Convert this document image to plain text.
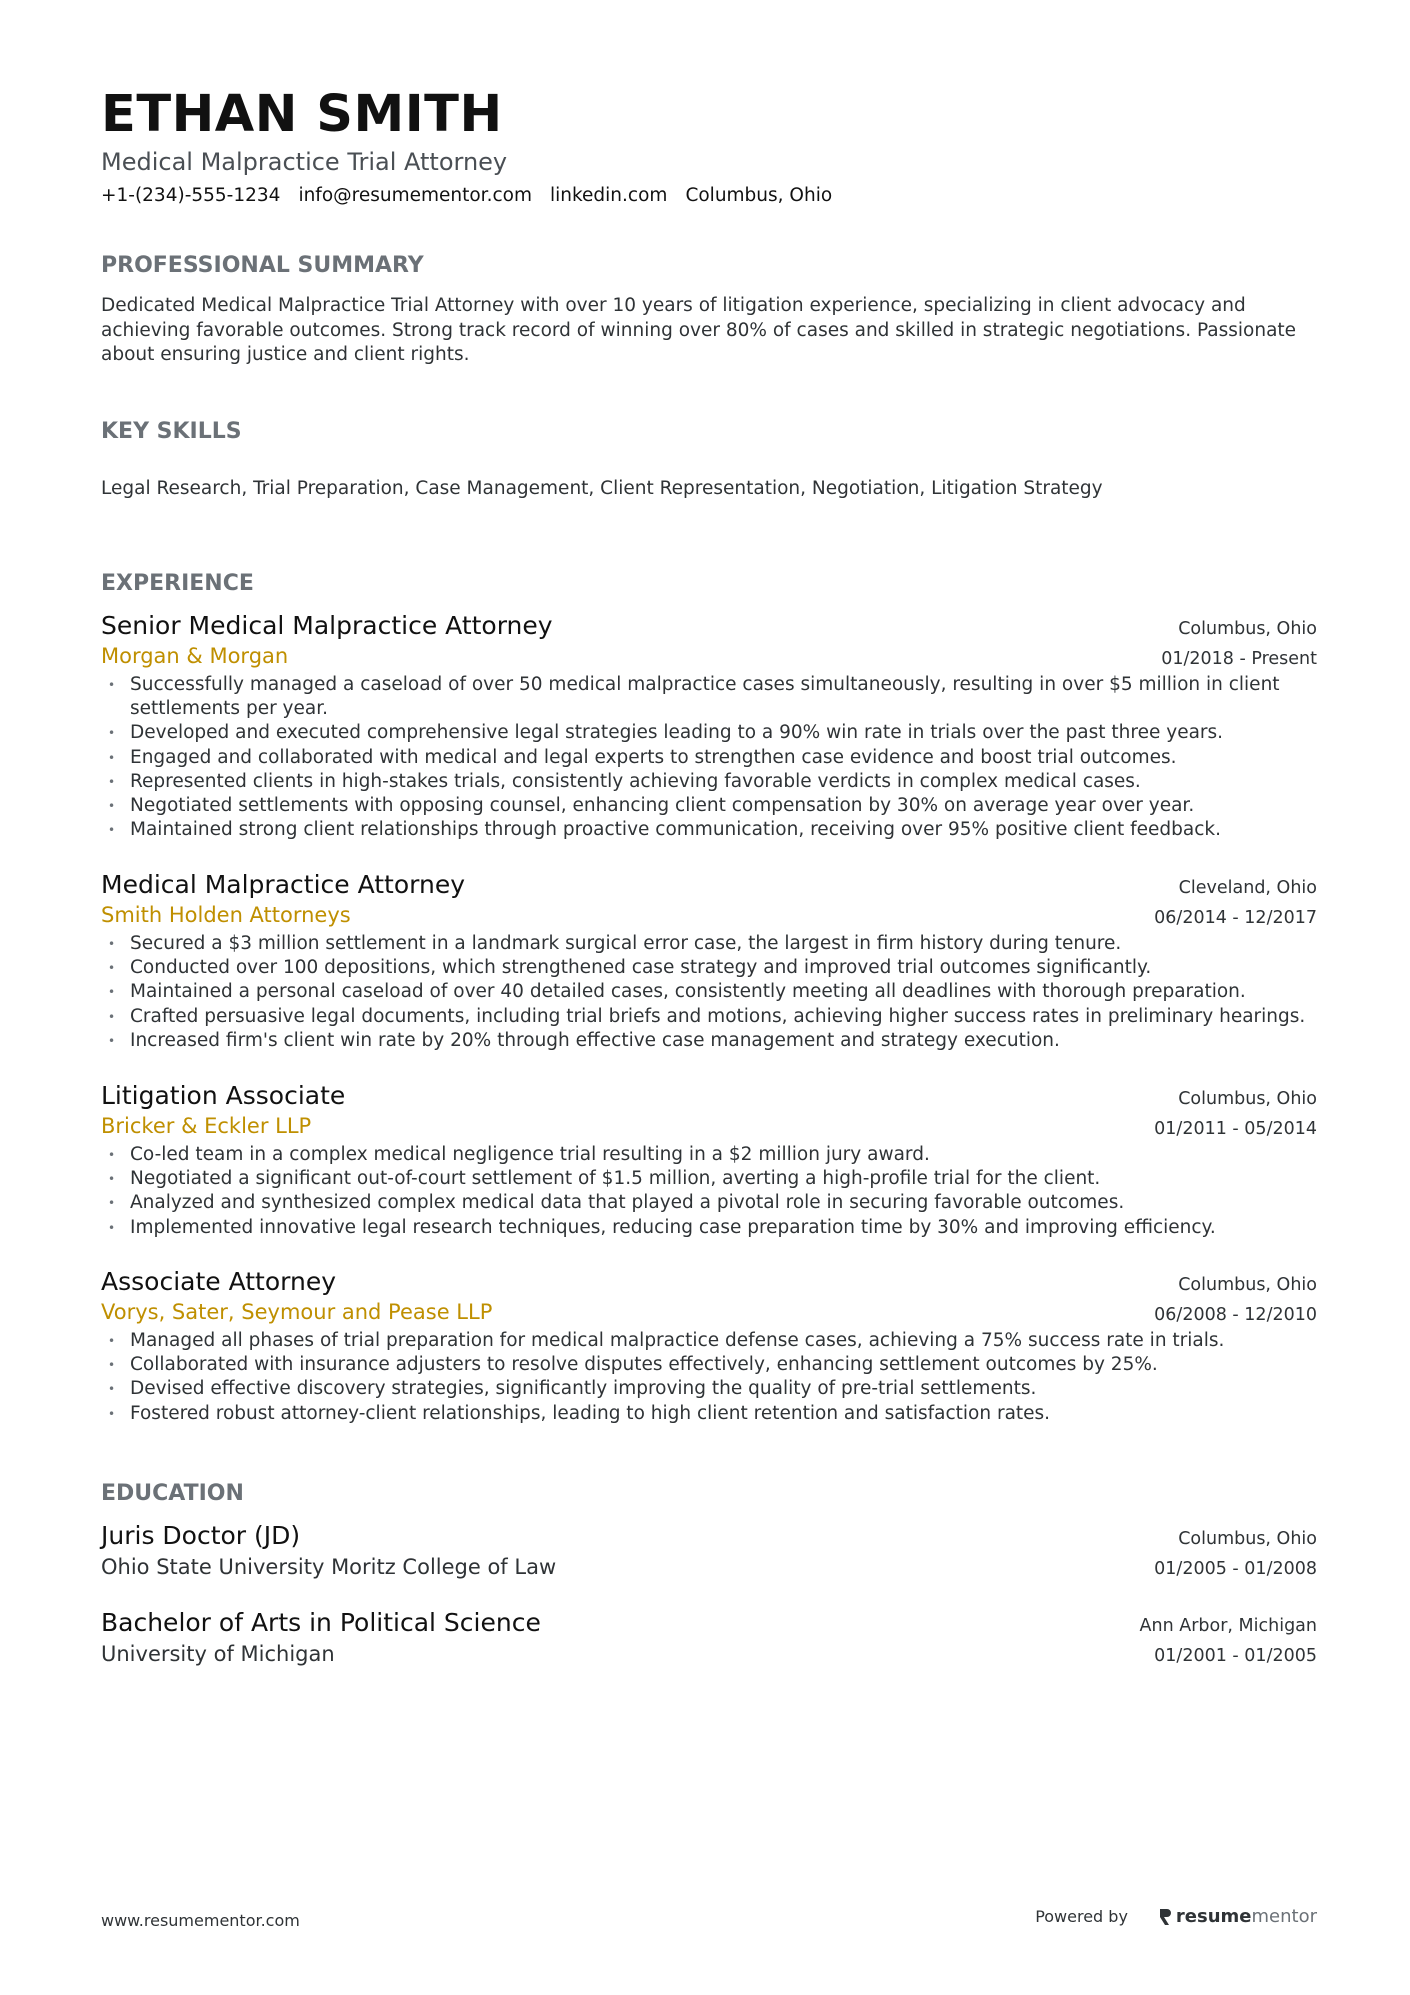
ETHAN SMITH
Medical Malpractice Trial Attorney
+1-(234)-555-1234 info@resumementor.com linkedin.com Columbus, Ohio
PROFESSIONAL SUMMARY
Dedicated Medical Malpractice Trial Attorney with over 10 years of litigation experience, specializing in client advocacy and achieving favorable outcomes. Strong track record of winning over 80% of cases and skilled in strategic negotiations. Passionate about ensuring justice and client rights.
KEY SKILLS
Legal Research, Trial Preparation, Case Management, Client Representation, Negotiation, Litigation Strategy
EXPERIENCE
Senior Medical Malpractice Attorney
Morgan & Morgan
Columbus, Ohio
01/2018 - Present
• Successfully managed a caseload of over 50 medical malpractice cases simultaneously, resulting in over $5 million in client settlements per year.
• Developed and executed comprehensive legal strategies leading to a 90% win rate in trials over the past three years.
• Engaged and collaborated with medical and legal experts to strengthen case evidence and boost trial outcomes.
• Represented clients in high-stakes trials, consistently achieving favorable verdicts in complex medical cases.
• Negotiated settlements with opposing counsel, enhancing client compensation by 30% on average year over year.
• Maintained strong client relationships through proactive communication, receiving over 95% positive client feedback.
Medical Malpractice Attorney
Smith Holden Attorneys
Cleveland, Ohio
06/2014 - 12/2017
• Secured a $3 million settlement in a landmark surgical error case, the largest in firm history during tenure.
• Conducted over 100 depositions, which strengthened case strategy and improved trial outcomes significantly.
• Maintained a personal caseload of over 40 detailed cases, consistently meeting all deadlines with thorough preparation.
• Crafted persuasive legal documents, including trial briefs and motions, achieving higher success rates in preliminary hearings.
• Increased firm's client win rate by 20% through effective case management and strategy execution.
Litigation Associate
Bricker & Eckler LLP
Columbus, Ohio
01/2011 - 05/2014
• Co-led team in a complex medical negligence trial resulting in a $2 million jury award.
• Negotiated a significant out-of-court settlement of $1.5 million, averting a high-profile trial for the client.
• Analyzed and synthesized complex medical data that played a pivotal role in securing favorable outcomes.
• Implemented innovative legal research techniques, reducing case preparation time by 30% and improving efficiency.
Associate Attorney
Vorys, Sater, Seymour and Pease LLP
Columbus, Ohio
06/2008 - 12/2010
• Managed all phases of trial preparation for medical malpractice defense cases, achieving a 75% success rate in trials.
• Collaborated with insurance adjusters to resolve disputes effectively, enhancing settlement outcomes by 25%.
• Devised effective discovery strategies, significantly improving the quality of pre-trial settlements.
• Fostered robust attorney-client relationships, leading to high client retention and satisfaction rates.
EDUCATION
Juris Doctor (JD)
Ohio State University Moritz College of Law
Columbus, Ohio
01/2005 - 01/2008
Bachelor of Arts in Political Science
University of Michigan
Ann Arbor, Michigan
01/2001 - 01/2005
www.resumementor.com	Powered by	resumementor
